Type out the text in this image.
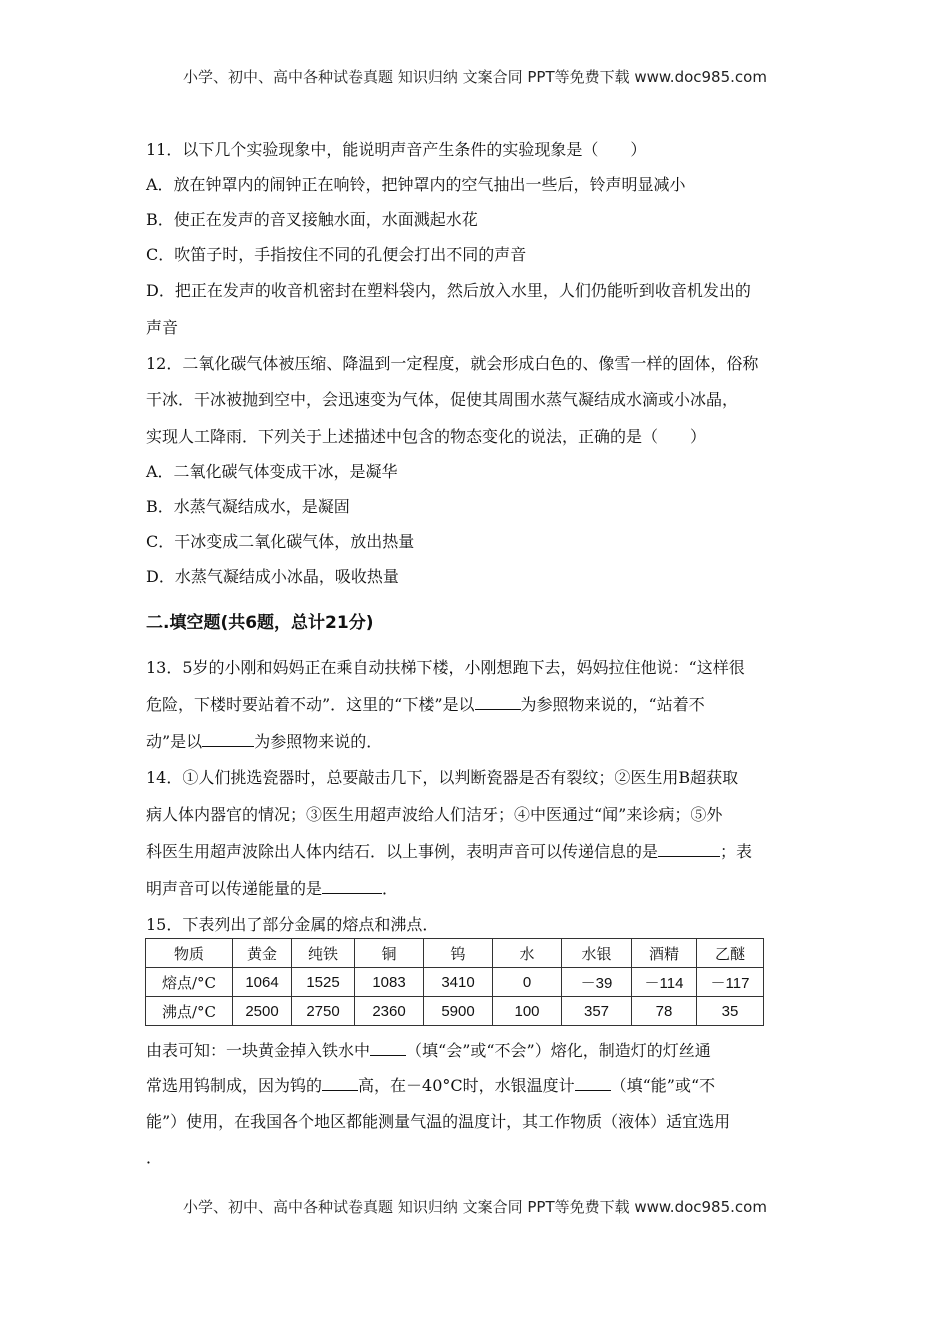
小学、初中、高中各种试卷真题 知识归纳 文案合同 PPT等免费下载 www.doc985.com
11．以下几个实验现象中，能说明声音产生条件的实验现象是（　　）
A．放在钟罩内的闹钟正在响铃，把钟罩内的空气抽出一些后，铃声明显减小
B．使正在发声的音叉接触水面，水面溅起水花
C．吹笛子时，手指按住不同的孔便会打出不同的声音
D．把正在发声的收音机密封在塑料袋内，然后放入水里，人们仍能听到收音机发出的
声音
12．二氧化碳气体被压缩、降温到一定程度，就会形成白色的、像雪一样的固体，俗称
干冰．干冰被抛到空中，会迅速变为气体，促使其周围水蒸气凝结成水滴或小冰晶，
实现人工降雨．下列关于上述描述中包含的物态变化的说法，正确的是（　　）
A．二氧化碳气体变成干冰，是凝华
B．水蒸气凝结成水，是凝固
C．干冰变成二氧化碳气体，放出热量
D．水蒸气凝结成小冰晶，吸收热量
二.填空题(共6题，总计21分)
13．5岁的小刚和妈妈正在乘自动扶梯下楼，小刚想跑下去，妈妈拉住他说：“这样很
危险，下楼时要站着不动”．这里的“下楼”是以	为参照物来说的，“站着不
动”是以	为参照物来说的．
14．①人们挑选瓷器时，总要敲击几下，以判断瓷器是否有裂纹；②医生用B超获取
病人体内器官的情况；③医生用超声波给人们洁牙；④中医通过“闻”来诊病；⑤外
科医生用超声波除出人体内结石．以上事例，表明声音可以传递信息的是	；表
明声音可以传递能量的是	．
15．下表列出了部分金属的熔点和沸点．
物质	黄金	纯铁	铜	钨	水	水银	酒精	乙醚
熔点/°C	1064	1525	1083	3410	0	－39	－114	－117
沸点/°C	2500	2750	2360	5900	100	357	78	35
由表可知：一块黄金掉入铁水中 （填“会”或“不会”）熔化，制造灯的灯丝通
常选用钨制成，因为钨的 高，在－40°C时，水银温度计 （填“能”或“不
能”）使用，在我国各个地区都能测量气温的温度计，其工作物质（液体）适宜选用
．
小学、初中、高中各种试卷真题 知识归纳 文案合同 PPT等免费下载 www.doc985.com
